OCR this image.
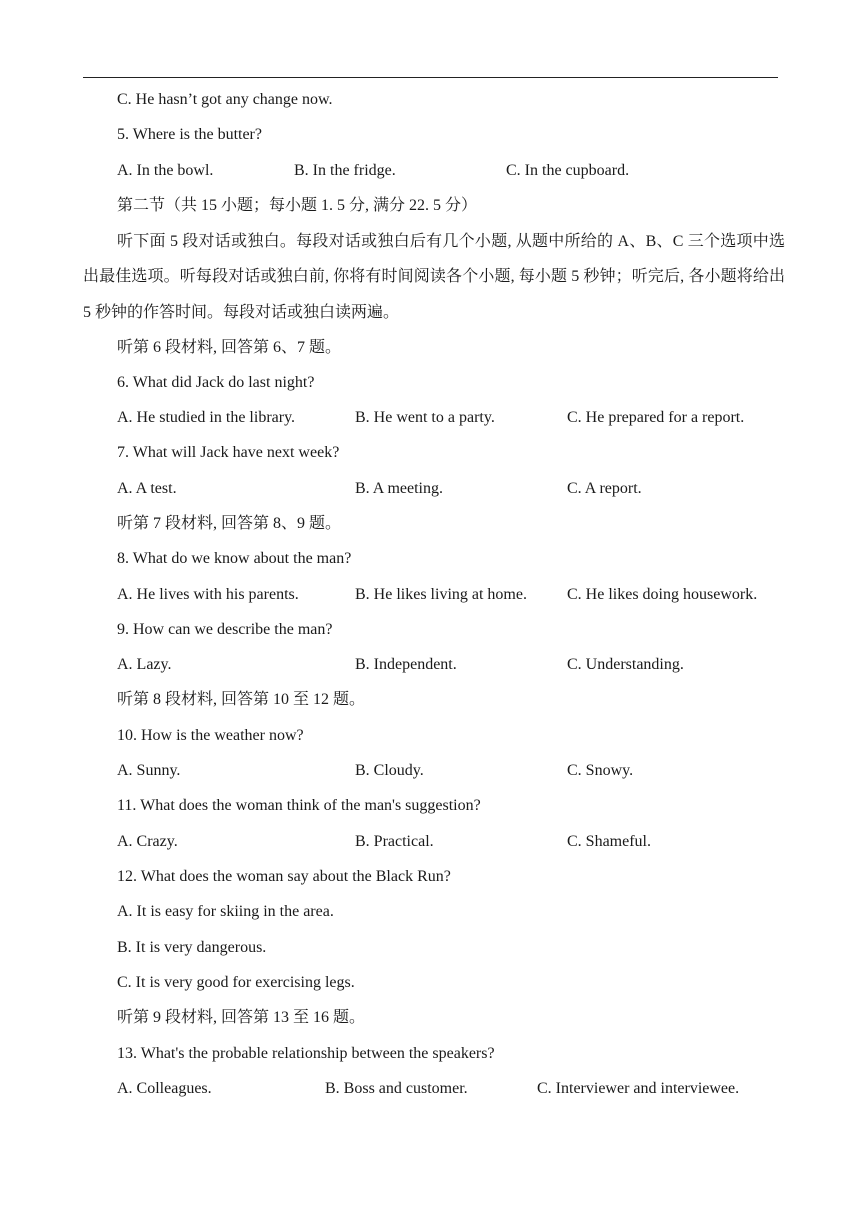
C. He hasn’t got any change now.
5. Where is the butter?
A. In the bowl.	B. In the fridge.	C. In the cupboard.
第二节（共 15 小题；每小题 1. 5 分, 满分 22. 5 分）
听下面 5 段对话或独白。每段对话或独白后有几个小题, 从题中所给的 A、B、C 三个选项中选出最佳选项。听每段对话或独白前, 你将有时间阅读各个小题, 每小题 5 秒钟；听完后, 各小题将给出 5 秒钟的作答时间。每段对话或独白读两遍。
听第 6 段材料, 回答第 6、7 题。
6. What did Jack do last night?
A. He studied in the library.	B. He went to a party.	C. He prepared for a report.
7. What will Jack have next week?
A. A test.	B. A meeting.	C. A report.
听第 7 段材料, 回答第 8、9 题。
8. What do we know about the man?
A. He lives with his parents.	B. He likes living at home.	C. He likes doing housework.
9. How can we describe the man?
A. Lazy.	B. Independent.	C. Understanding.
听第 8 段材料, 回答第 10 至 12 题。
10. How is the weather now?
A. Sunny.	B. Cloudy.	C. Snowy.
11. What does the woman think of the man's suggestion?
A. Crazy.	B. Practical.	C. Shameful.
12. What does the woman say about the Black Run?
A. It is easy for skiing in the area.
B. It is very dangerous.
C. It is very good for exercising legs.
听第 9 段材料, 回答第 13 至 16 题。
13. What's the probable relationship between the speakers?
A. Colleagues.	B. Boss and customer.	C. Interviewer and interviewee.
